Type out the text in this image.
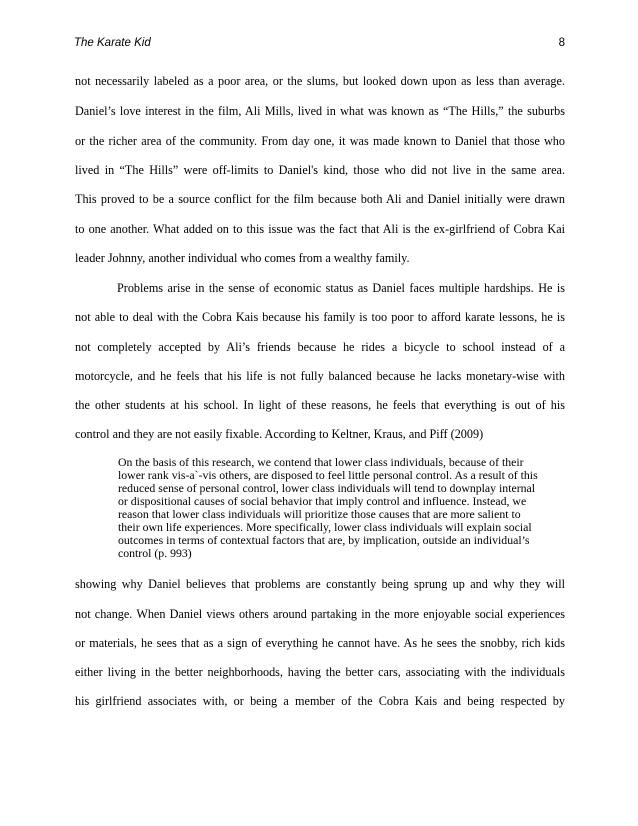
The Karate Kid	8
not necessarily labeled as a poor area, or the slums, but looked down upon as less than average.
Daniel’s love interest in the film, Ali Mills, lived in what was known as “The Hills,” the suburbs
or the richer area of the community. From day one, it was made known to Daniel that those who
lived in “The Hills” were off-limits to Daniel's kind, those who did not live in the same area.
This proved to be a source conflict for the film because both Ali and Daniel initially were drawn
to one another. What added on to this issue was the fact that Ali is the ex-girlfriend of Cobra Kai
leader Johnny, another individual who comes from a wealthy family.
Problems arise in the sense of economic status as Daniel faces multiple hardships. He is
not able to deal with the Cobra Kais because his family is too poor to afford karate lessons, he is
not completely accepted by Ali’s friends because he rides a bicycle to school instead of a
motorcycle, and he feels that his life is not fully balanced because he lacks monetary-wise with
the other students at his school. In light of these reasons, he feels that everything is out of his
control and they are not easily fixable. According to Keltner, Kraus, and Piff (2009)
On the basis of this research, we contend that lower class individuals, because of their
lower rank vis-a`-vis others, are disposed to feel little personal control. As a result of this
reduced sense of personal control, lower class individuals will tend to downplay internal
or dispositional causes of social behavior that imply control and influence. Instead, we
reason that lower class individuals will prioritize those causes that are more salient to
their own life experiences. More specifically, lower class individuals will explain social
outcomes in terms of contextual factors that are, by implication, outside an individual’s
control (p. 993)
showing why Daniel believes that problems are constantly being sprung up and why they will
not change. When Daniel views others around partaking in the more enjoyable social experiences
or materials, he sees that as a sign of everything he cannot have. As he sees the snobby, rich kids
either living in the better neighborhoods, having the better cars, associating with the individuals
his girlfriend associates with, or being a member of the Cobra Kais and being respected by
